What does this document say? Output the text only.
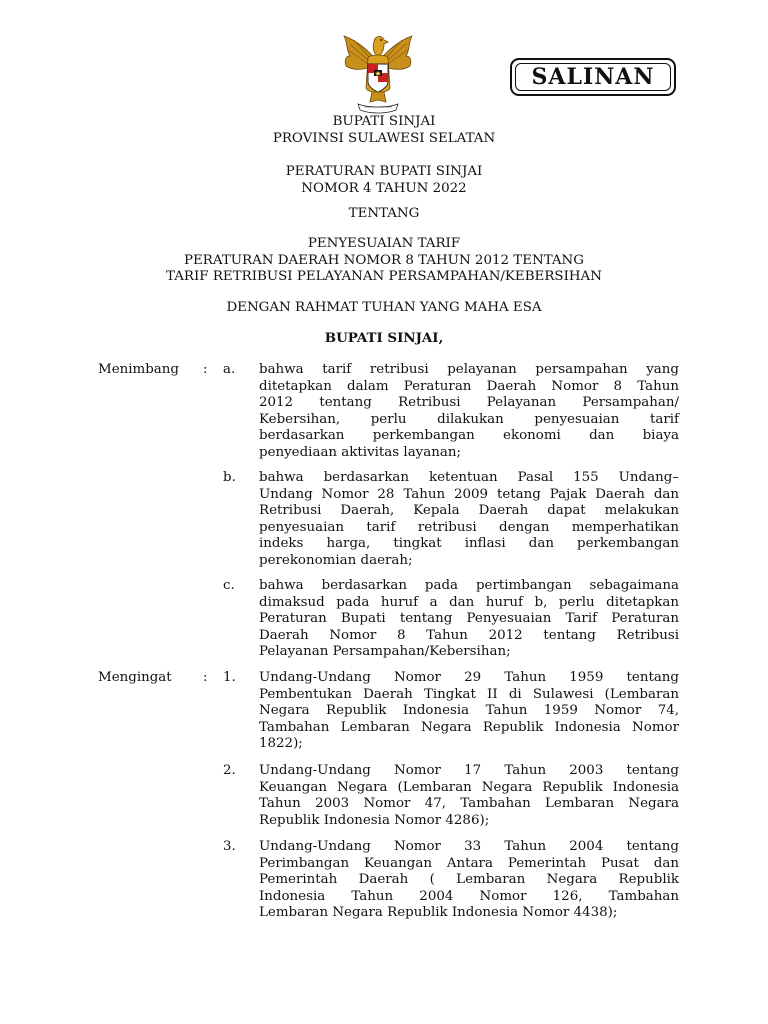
SALINAN
BUPATI SINJAI
PROVINSI SULAWESI SELATAN
PERATURAN BUPATI SINJAI
NOMOR 4 TAHUN 2022
TENTANG
PENYESUAIAN TARIF
PERATURAN DAERAH NOMOR 8 TAHUN 2012 TENTANG
TARIF RETRIBUSI PELAYANAN PERSAMPAHAN/KEBERSIHAN
DENGAN RAHMAT TUHAN YANG MAHA ESA
BUPATI SINJAI,
Menimbang : a. bahwa tarif retribusi pelayanan persampahan yang
ditetapkan dalam Peraturan Daerah Nomor 8 Tahun
2012 tentang Retribusi Pelayanan Persampahan/
Kebersihan, perlu dilakukan penyesuaian tarif
berdasarkan perkembangan ekonomi dan biaya
penyediaan aktivitas layanan;
b. bahwa berdasarkan ketentuan Pasal 155 Undang–
Undang Nomor 28 Tahun 2009 tetang Pajak Daerah dan
Retribusi Daerah, Kepala Daerah dapat melakukan
penyesuaian tarif retribusi dengan memperhatikan
indeks harga, tingkat inflasi dan perkembangan
perekonomian daerah;
c. bahwa berdasarkan pada pertimbangan sebagaimana
dimaksud pada huruf a dan huruf b, perlu ditetapkan
Peraturan Bupati tentang Penyesuaian Tarif Peraturan
Daerah Nomor 8 Tahun 2012 tentang Retribusi
Pelayanan Persampahan/Kebersihan;
Mengingat : 1. Undang-Undang Nomor 29 Tahun 1959 tentang
Pembentukan Daerah Tingkat II di Sulawesi (Lembaran
Negara Republik Indonesia Tahun 1959 Nomor 74,
Tambahan Lembaran Negara Republik Indonesia Nomor
1822);
2. Undang-Undang Nomor 17 Tahun 2003 tentang
Keuangan Negara (Lembaran Negara Republik Indonesia
Tahun 2003 Nomor 47, Tambahan Lembaran Negara
Republik Indonesia Nomor 4286);
3. Undang-Undang Nomor 33 Tahun 2004 tentang
Perimbangan Keuangan Antara Pemerintah Pusat dan
Pemerintah Daerah ( Lembaran Negara Republik
Indonesia Tahun 2004 Nomor 126, Tambahan
Lembaran Negara Republik Indonesia Nomor 4438);
